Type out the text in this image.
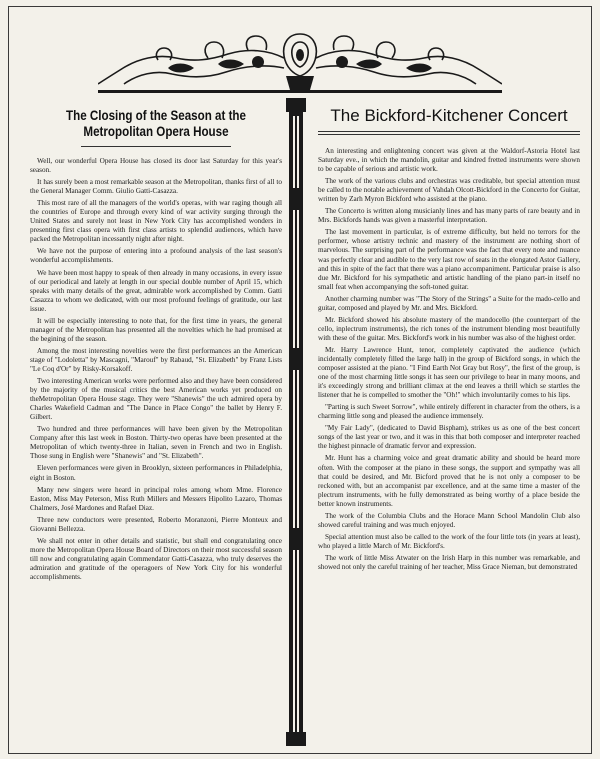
The Closing of the Season at the
Metropolitan Opera House

Well, our wonderful Opera House has closed its door last Saturday for this year's season.

It has surely been a most remarkable season at the Metropolitan, thanks first of all to the General Manager Comm. Giulio Gatti-Casazza.

This most rare of all the managers of the world's operas, with war raging though all the countries of Europe and through every kind of war activity surging through the United States and surely not least in New York City has accomplished wonders in presenting first class opera with first class artists to splendid audiences, which have packed the Metropolitan incessantly night after night.

We have not the purpose of entering into a profound analysis of the last season's wonderful accomplishments.

We have been most happy to speak of then already in many occasions, in every issue of our periodical and lately at length in our special double number of April 15, which speaks with many details of the great, admirable work accomplished by Comm. Gatti Casazza to whom we dedicated, with our most profound feelings of gratitude, our last issue.

It will be especially interesting to note that, for the first time in years, the general manager of the Metropolitan has presented all the novelties which he had promised at the begining of the season.

Among the most interesting novelties were the first performances an the American stage of "Lodoletta" by Mascagni, "Marouf" by Rabaud, "St. Elizabeth" by Franz Lists "Le Coq d'Or" by Risky-Korsakoff.

Two interesting American works were performed also and they have been considered by the majority of the musical critics the best American works yet produced on theMetropolitan Opera House stage. They were "Shanewis" the uch admired opera by Charles Wakefield Cadman and "The Dance in Place Congo" the ballet by Henry F. Gilbert.

Two hundred and three performances will have been given by the Metropolitan Company after this last week in Boston. Thirty-two operas have been presented at the Metropolitan of which twenty-three in Italian, seven in French and two in English. Those sung in English were "Shanewis" and "St. Elizabeth".

Eleven performances were given in Brooklyn, sixteen performances in Philadelphia, eight in Boston.

Many new singers were heard in principal roles among whom Mme. Florence Easton, Miss May Peterson, Miss Ruth Millers and Messers Hipolito Lazaro, Thomas Chalmers, José Mardones and Rafael Diaz.

Three new conductors were presented, Roberto Moranzoni, Pierre Monteux and Giovanni Bellezza.

We shall not enter in other details and statistic, but shall end congratulating once more the Metropolitan Opera House Board of Directors on their most successful season till now and congratulating again Commendator Gatti-Casazza, who truly deserves the admiration and gratitude of the operagoers of New York City for his wonderful accomplishments.

The Bickford-Kitchener Concert

An interesting and enlightening concert was given at the Waldorf-Astoria Hotel last Saturday eve., in which the mandolin, guitar and kindred fretted instruments were shown to be capable of serious and artistic work.

The work of the various clubs and orchestras was creditable, but special attention must be called to the notable achievement of Vahdah Olcott-Bickford in the Concerto for Guitar, written by Zarh Myron Bickford who assisted at the piano.

The Concerto is written along musicianly lines and has many parts of rare beauty and in Mrs. Bickfords hands was given a masterful interpretation.

The last movement in particular, is of extreme difficulty, but held no terrors for the performer, whose artistry technic and mastery of the instrument are nothing short of marvelous. The surprising part of the performance was the fact that every note and nuance was perfectly clear and audible to the very last row of seats in the elongated Astor Gallery, and this in spite of the fact that there was a piano accompaniment. Particular praise is also due Mr. Bickford for his sympathetic and artistic handling of the piano part-in itself no small feat when accompanying the soft-toned guitar.

Another charming number was "The Story of the Strings" a Suite for the mado-cello and guitar, composed and played by Mr. and Mrs. Bickford.

Mr. Bickford showed his absolute mastery of the mandocello (the counterpart of the cello, inplectrum instruments), the rich tones of the instrument blending most beautifully with these of the guitar. Mrs. Bickford's work in his number was also of the highest order.

Mr. Harry Lawrence Hunt, tenor, completely captivated the audience (which incidentally completely filled the large hall) in the group of Bickford songs, in which the composer assisted at the piano. "I Find Earth Not Gray but Rosy", the first of the group, is one of the most charming little songs it has seen our privilege to hear in many moons, and it's exceedingly strong and brilliant climax at the end leaves a thrill which se startles the listener that he is compelled to smother the "Oh!" which involuntarily comes to his lips.

"Parting is such Sweet Sorrow", while entirely different in character from the others, is a charming little song and pleased the audience immensely.

"My Fair Lady", (dedicated to David Bispham), strikes us as one of the best concert songs of the last year or two, and it was in this that both composer and interpreter reached the highest pinnacle of dramatic fervor and expression.

Mr. Hunt has a charming voice and great dramatic ability and should be heard more often. With the composer at the piano in these songs, the support and sympathy was all that could be desired, and Mr. Bicford proved that he is not only a composer to be reckoned with, but an accompanist par excellence, and at the same time a master of the plectrum instruments, with he fully demonstrated as being worthy of a place beside the better known instruments.

The work of the Columbia Clubs and the Horace Mann School Mandolin Club also showed careful training and was much enjoyed.

Special attention must also be called to the work of the four little tots (in years at least), who played a little March of Mr. Bickford's.

The work of little Miss Atwater on the Irish Harp in this number was remarkable, and showed not only the careful training of her teacher, Miss Grace Nieman, but demonstrated
